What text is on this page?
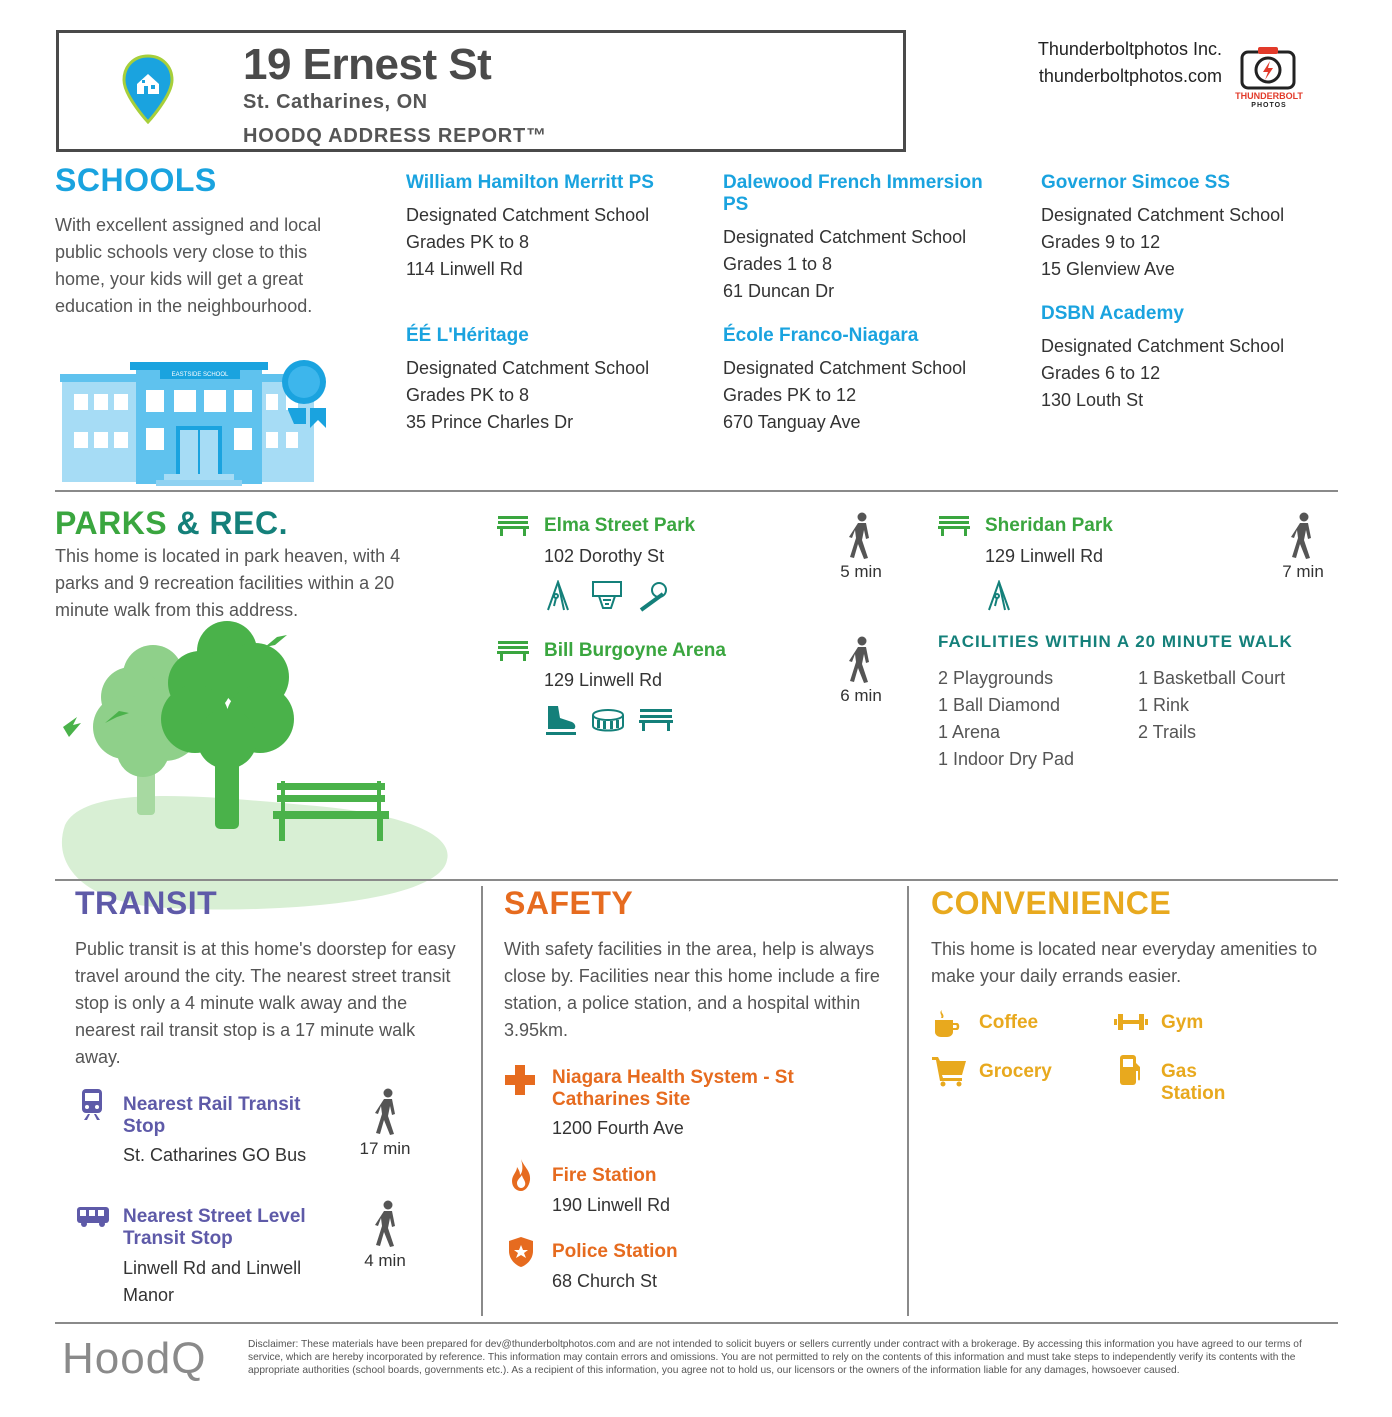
19 Ernest St
St. Catharines, ON
HOODQ ADDRESS REPORT™
Thunderboltphotos Inc.
thunderboltphotos.com
THUNDERBOLT
PHOTOS
SCHOOLS
With excellent assigned and local public schools very close to this home, your kids will get a great education in the neighbourhood.
EASTSIDE SCHOOL
William Hamilton Merritt PS
Designated Catchment School
Grades PK to 8
114 Linwell Rd
ÉÉ L'Héritage
Designated Catchment School
Grades PK to 8
35 Prince Charles Dr
Dalewood French Immersion PS
Designated Catchment School
Grades 1 to 8
61 Duncan Dr
École Franco-Niagara
Designated Catchment School
Grades PK to 12
670 Tanguay Ave
Governor Simcoe SS
Designated Catchment School
Grades 9 to 12
15 Glenview Ave
DSBN Academy
Designated Catchment School
Grades 6 to 12
130 Louth St
PARKS & REC.
This home is located in park heaven, with 4 parks and 9 recreation facilities within a 20 minute walk from this address.
Elma Street Park
102 Dorothy St
5 min
Bill Burgoyne Arena
129 Linwell Rd
6 min
Sheridan Park
129 Linwell Rd
7 min
FACILITIES WITHIN A 20 MINUTE WALK
2 Playgrounds
1 Ball Diamond
1 Arena
1 Indoor Dry Pad
1 Basketball Court
1 Rink
2 Trails
TRANSIT
Public transit is at this home's doorstep for easy travel around the city. The nearest street transit stop is only a 4 minute walk away and the nearest rail transit stop is a 17 minute walk away.
Nearest Rail Transit Stop
St. Catharines GO Bus	17 min
Nearest Street Level Transit Stop
Linwell Rd and Linwell Manor
4 min
SAFETY
With safety facilities in the area, help is always close by. Facilities near this home include a fire station, a police station, and a hospital within 3.95km.
Niagara Health System - St Catharines Site
1200 Fourth Ave
Fire Station
190 Linwell Rd
Police Station
68 Church St
CONVENIENCE
This home is located near everyday amenities to make your daily errands easier.
Coffee	Gym
Grocery	Gas Station
HoodQ	Disclaimer: These materials have been prepared for dev@thunderboltphotos.com and are not intended to solicit buyers or sellers currently under contract with a brokerage. By accessing this information you have agreed to our terms of service, which are hereby incorporated by reference. This information may contain errors and omissions. You are not permitted to rely on the contents of this information and must take steps to independently verify its contents with the appropriate authorities (school boards, governments etc.). As a recipient of this information, you agree not to hold us, our licensors or the owners of the information liable for any damages, howsoever caused.
